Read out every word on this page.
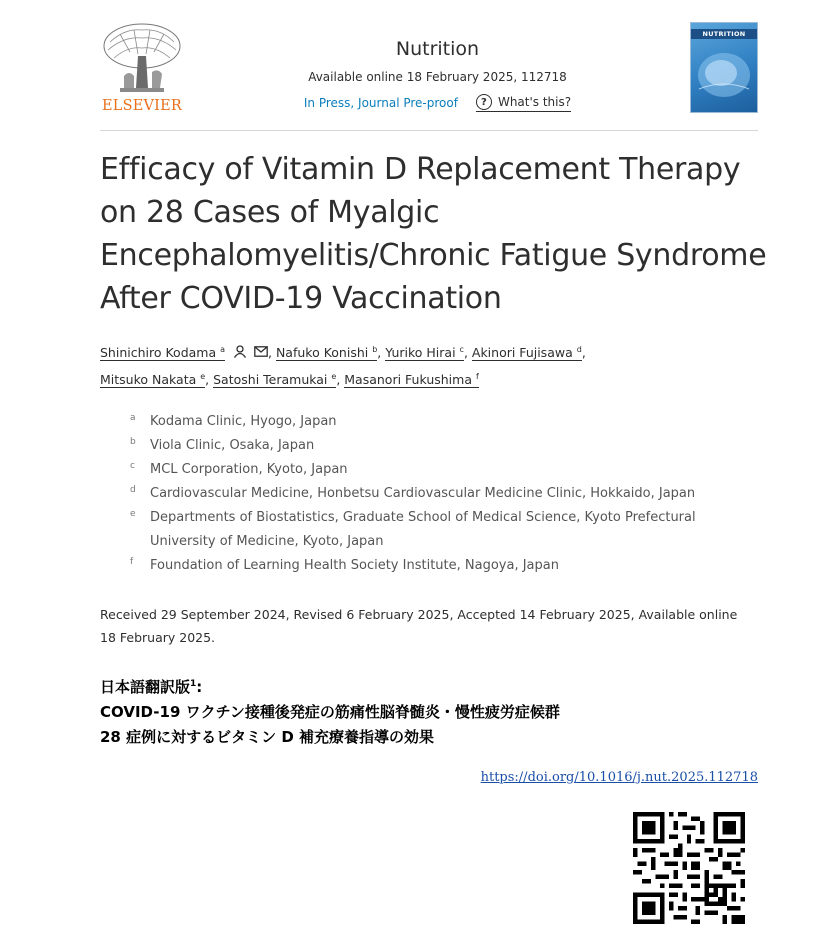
ELSEVIER
Nutrition
Available online 18 February 2025, 112718
In Press, Journal Pre-proof	? What's this?
NUTRITION
Efficacy of Vitamin D Replacement Therapy on 28 Cases of Myalgic Encephalomyelitis/Chronic Fatigue Syndrome After COVID-19 Vaccination
Shinichiro Kodama $^a$	, Nafuko Konishi $^b$, Yuriko Hirai $^c$, Akinori Fujisawa $^d$,
Mitsuko Nakata $^e$, Satoshi Teramukai $^e$, Masanori Fukushima $^f$
a Kodama Clinic, Hyogo, Japan
b Viola Clinic, Osaka, Japan
c MCL Corporation, Kyoto, Japan
d Cardiovascular Medicine, Honbetsu Cardiovascular Medicine Clinic, Hokkaido, Japan
e Departments of Biostatistics, Graduate School of Medical Science, Kyoto Prefectural University of Medicine, Kyoto, Japan
f Foundation of Learning Health Society Institute, Nagoya, Japan
Received 29 September 2024, Revised 6 February 2025, Accepted 14 February 2025, Available online 18 February 2025.
日本語翻訳版$^1$:
COVID-19 ワクチン接種後発症の筋痛性脳脊髄炎・慢性疲労症候群
28 症例に対するビタミン D 補充療養指導の効果
https://doi.org/10.1016/j.nut.2025.112718
